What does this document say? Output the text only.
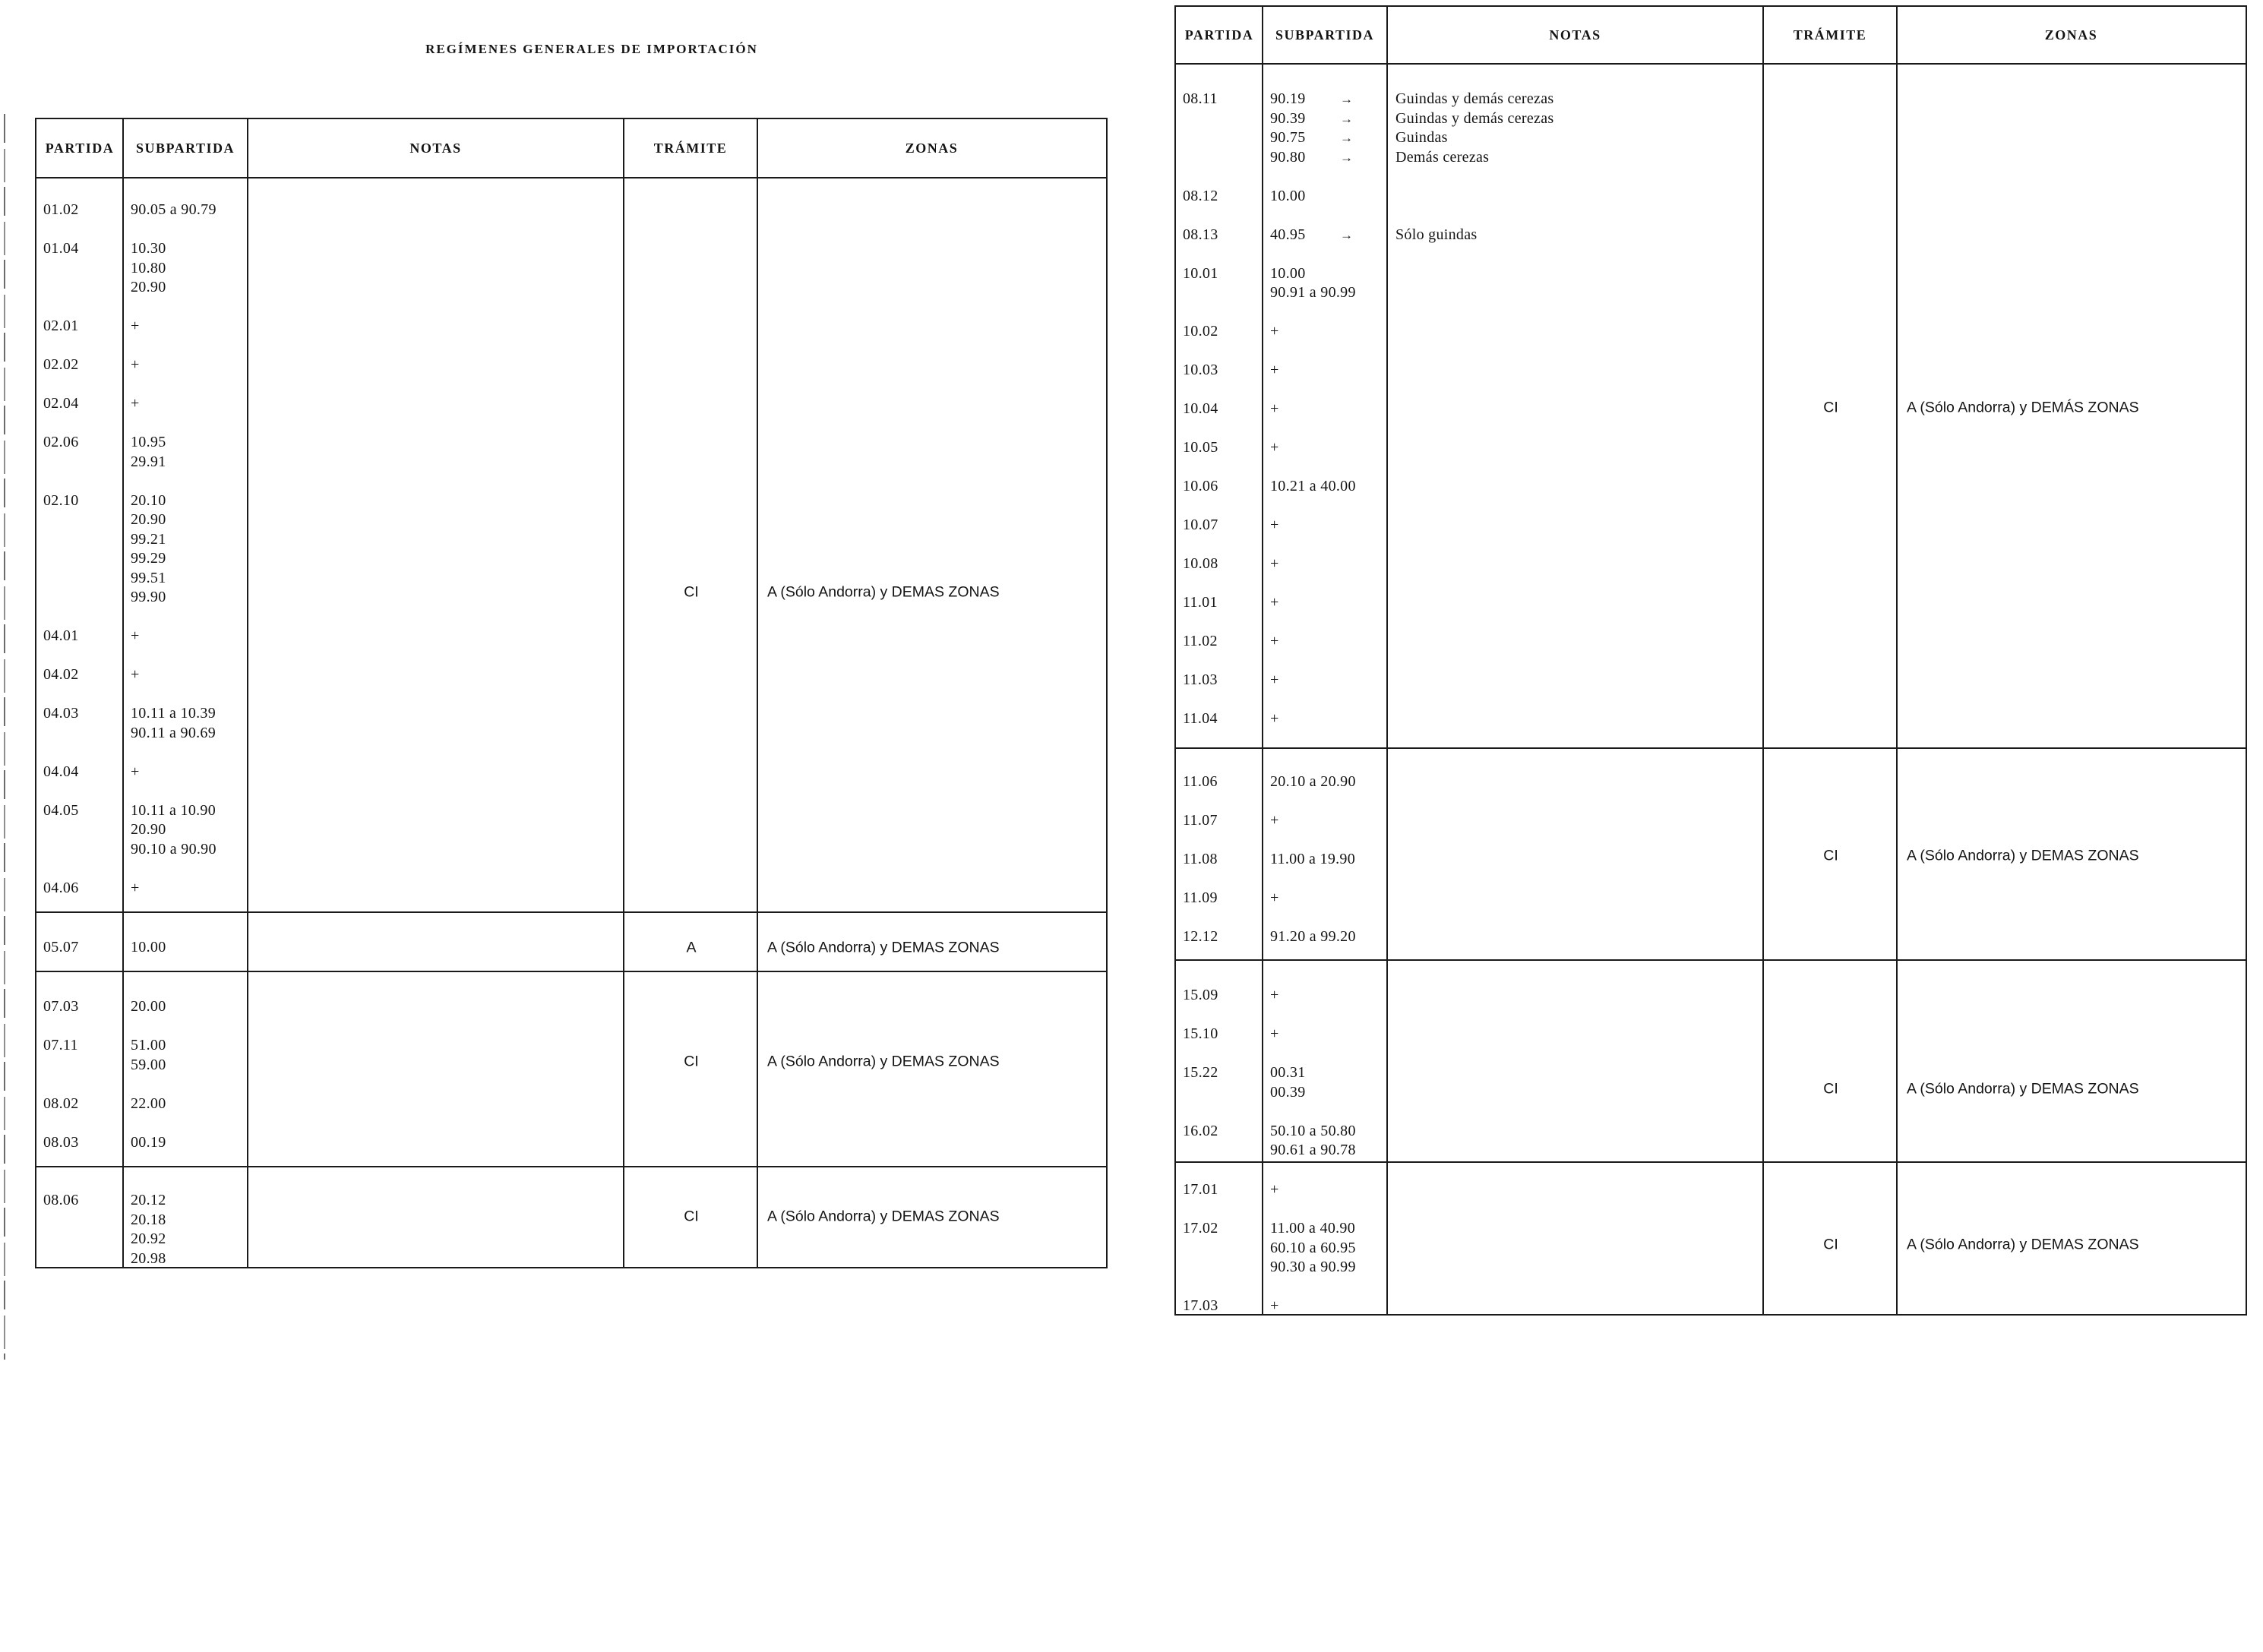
REGÍMENES GENERALES DE IMPORTACIÓN
PARTIDA	SUBPARTIDA	NOTAS	TRÁMITE	ZONAS
01.02	90.05 a 90.79
01.04	10.30
10.80
20.90
02.01	+
02.02	+
02.04	+
02.06	10.95
29.91
02.10	20.10
20.90
99.21
99.29
99.51
99.90
04.01	+
04.02	+
04.03	10.11 a 10.39
90.11 a 90.69
04.04	+
04.05	10.11 a 10.90
20.90
90.10 a 90.90
04.06	+
CI	A (Sólo Andorra) y DEMAS ZONAS
05.07	10.00	A	A (Sólo Andorra) y DEMAS ZONAS
07.03	20.00
07.11	51.00
59.00
08.02	22.00
08.03	00.19
CI	A (Sólo Andorra) y DEMAS ZONAS
08.06	20.12
20.18
20.92
20.98
CI	A (Sólo Andorra) y DEMAS ZONAS
PARTIDA	SUBPARTIDA	NOTAS	TRÁMITE	ZONAS
08.11	90.19	→	Guindas y demás cerezas
90.39	→	Guindas y demás cerezas
90.75	→	Guindas
90.80	→	Demás cerezas
08.12	10.00
08.13	40.95	→	Sólo guindas
10.01	10.00
90.91 a 90.99
10.02	+
10.03	+
10.04	+
10.05	+
10.06	10.21 a 40.00
10.07	+
10.08	+
11.01	+
11.02	+
11.03	+
11.04	+
CI	A (Sólo Andorra) y DEMÁS ZONAS
11.06	20.10 a 20.90
11.07	+
11.08	11.00 a 19.90
11.09	+
12.12	91.20 a 99.20
CI	A (Sólo Andorra) y DEMAS ZONAS
15.09	+
15.10	+
15.22	00.31
00.39
16.02	50.10 a 50.80
90.61 a 90.78
CI	A (Sólo Andorra) y DEMAS ZONAS
17.01	+
17.02	11.00 a 40.90
60.10 a 60.95
90.30 a 90.99
17.03	+
CI	A (Sólo Andorra) y DEMAS ZONAS
